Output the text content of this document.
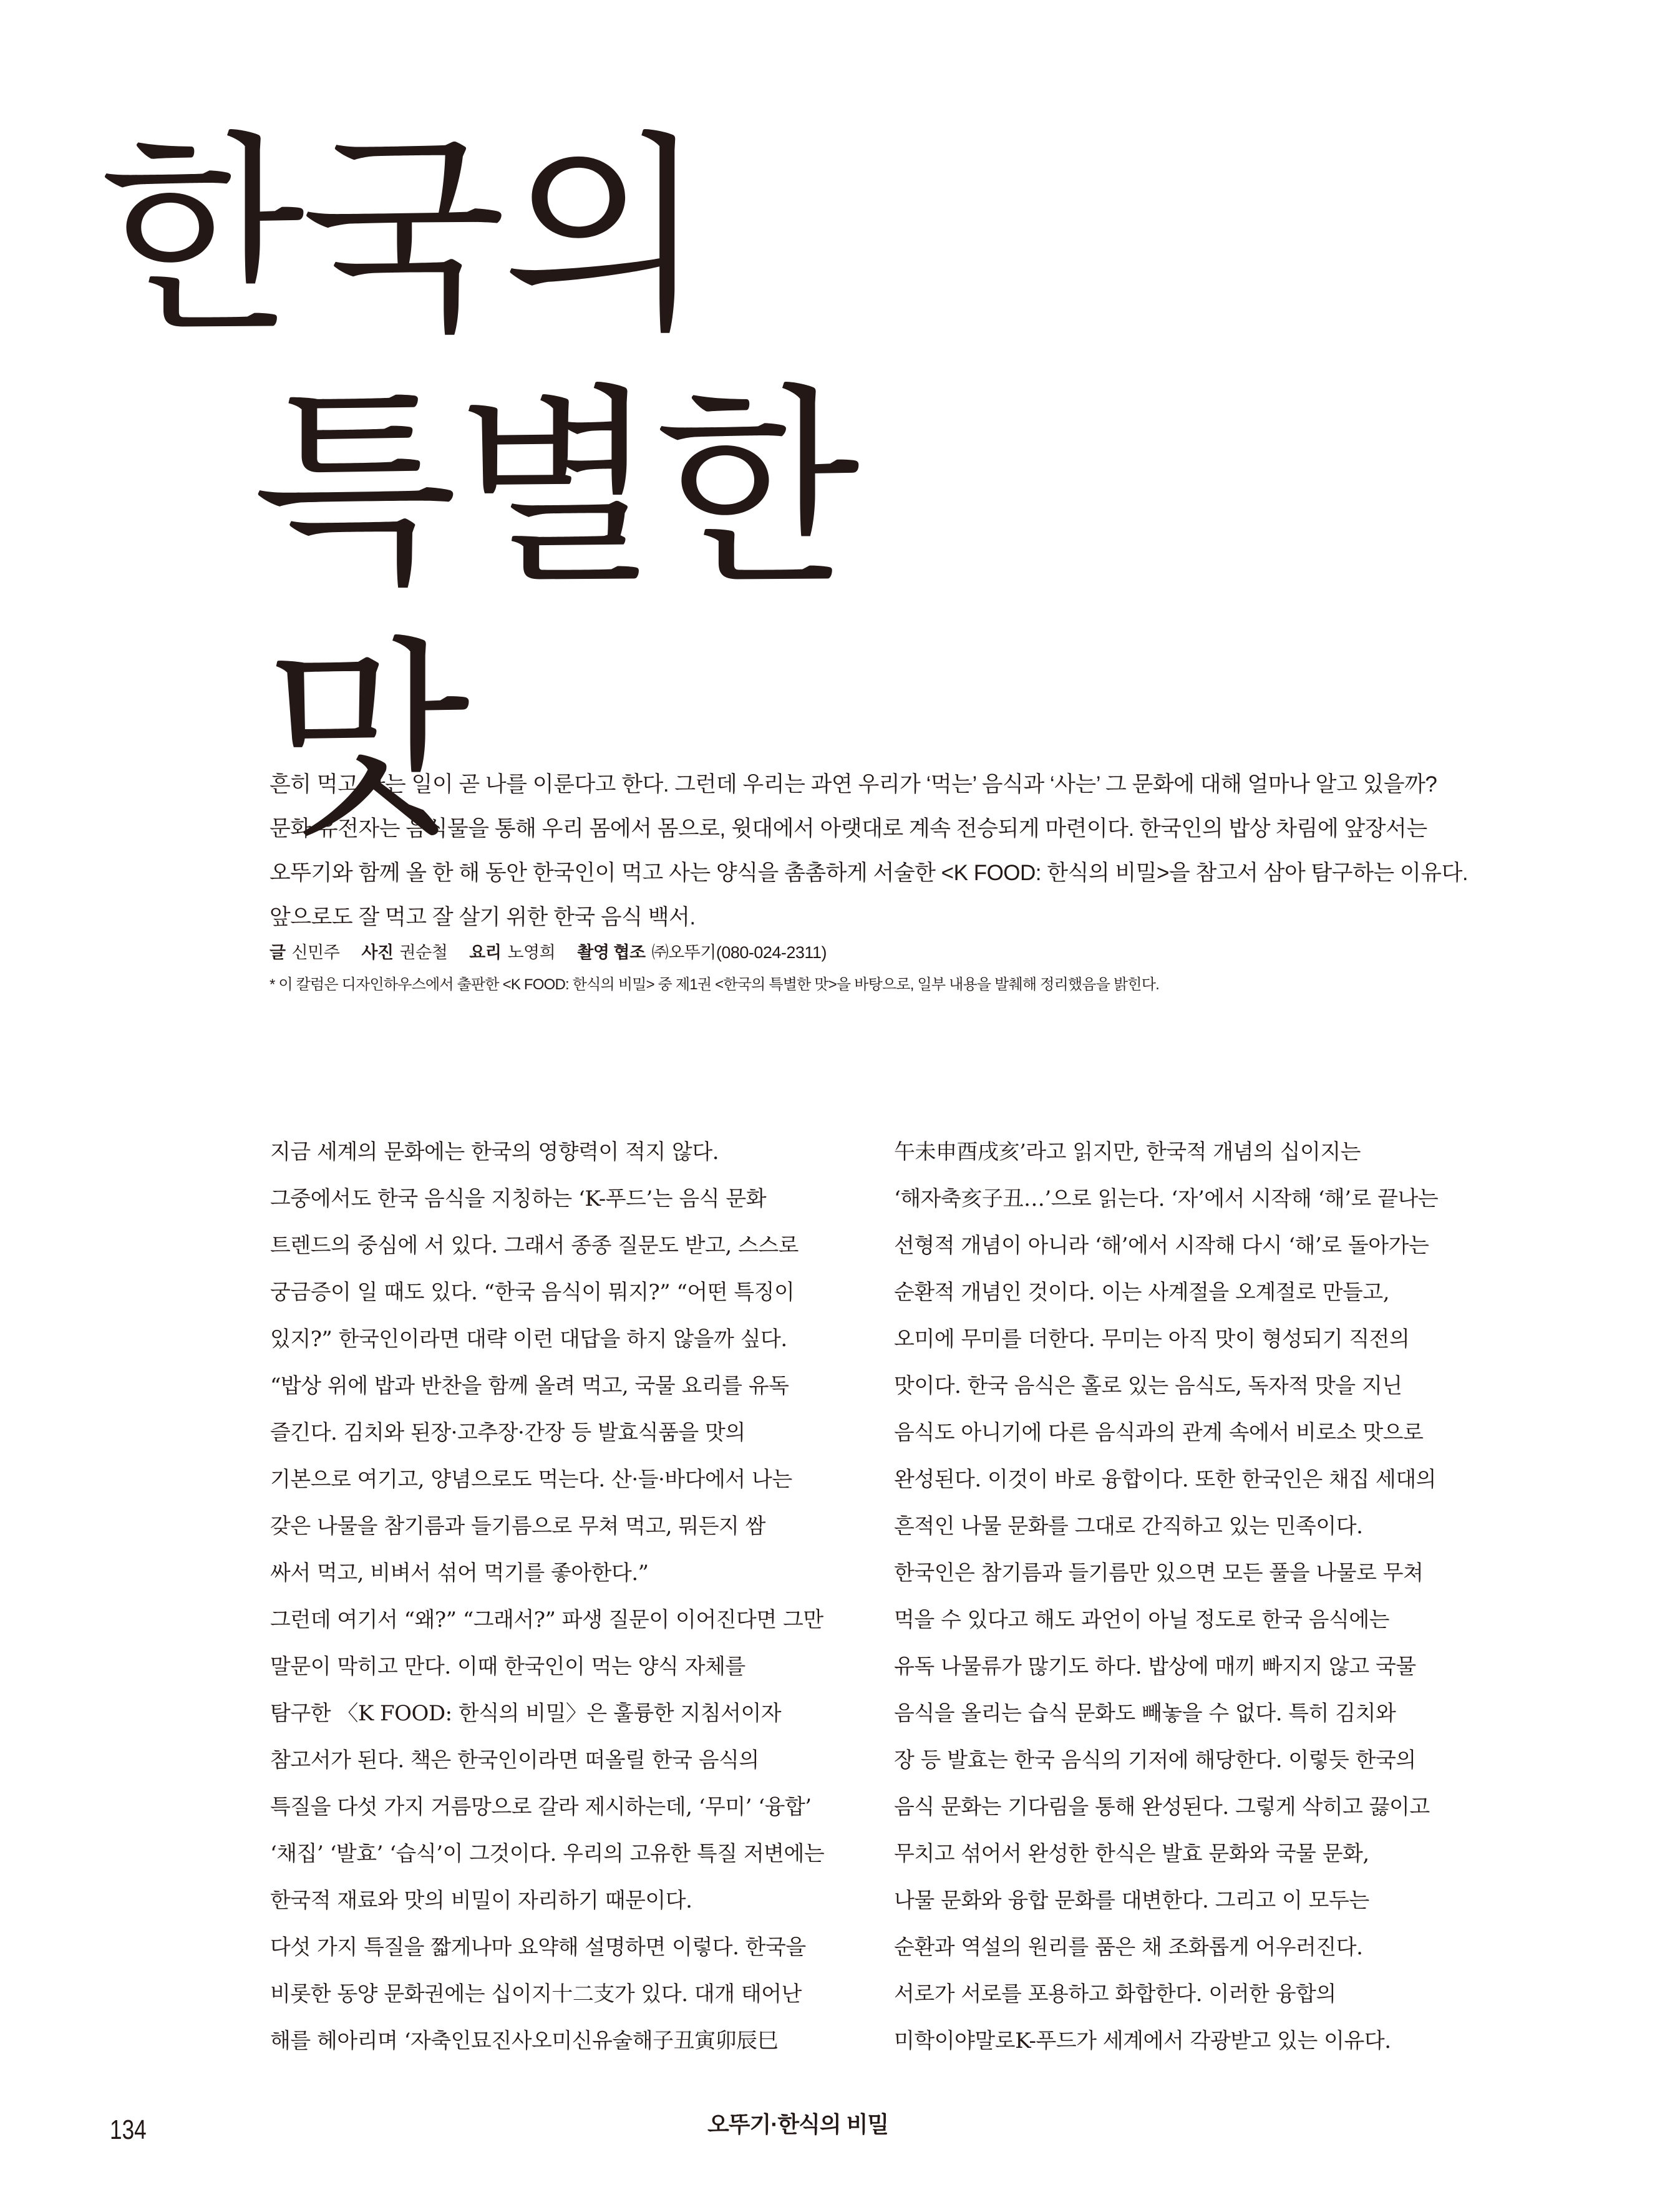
한국의
특별한
맛
흔히 먹고 사는 일이 곧 나를 이룬다고 한다. 그런데 우리는 과연 우리가 ‘먹는’ 음식과 ‘사는’ 그 문화에 대해 얼마나 알고 있을까?
문화 유전자는 음식물을 통해 우리 몸에서 몸으로, 윗대에서 아랫대로 계속 전승되게 마련이다. 한국인의 밥상 차림에 앞장서는
오뚜기와 함께 올 한 해 동안 한국인이 먹고 사는 양식을 촘촘하게 서술한 <K FOOD: 한식의 비밀>을 참고서 삼아 탐구하는 이유다.
앞으로도 잘 먹고 잘 살기 위한 한국 음식 백서.
글 신민주 사진 권순철 요리 노영희 촬영 협조 ㈜오뚜기(080-024-2311)
* 이 칼럼은 디자인하우스에서 출판한 <K FOOD: 한식의 비밀> 중 제1권 <한국의 특별한 맛>을 바탕으로, 일부 내용을 발췌해 정리했음을 밝힌다.
지금 세계의 문화에는 한국의 영향력이 적지 않다.
그중에서도 한국 음식을 지칭하는 ‘K-푸드’는 음식 문화
트렌드의 중심에 서 있다. 그래서 종종 질문도 받고, 스스로
궁금증이 일 때도 있다. “한국 음식이 뭐지?” “어떤 특징이
있지?” 한국인이라면 대략 이런 대답을 하지 않을까 싶다.
“밥상 위에 밥과 반찬을 함께 올려 먹고, 국물 요리를 유독
즐긴다. 김치와 된장·고추장·간장 등 발효식품을 맛의
기본으로 여기고, 양념으로도 먹는다. 산·들·바다에서 나는
갖은 나물을 참기름과 들기름으로 무쳐 먹고, 뭐든지 쌈
싸서 먹고, 비벼서 섞어 먹기를 좋아한다.”
그런데 여기서 “왜?” “그래서?” 파생 질문이 이어진다면 그만
말문이 막히고 만다. 이때 한국인이 먹는 양식 자체를
탐구한 〈K FOOD: 한식의 비밀〉은 훌륭한 지침서이자
참고서가 된다. 책은 한국인이라면 떠올릴 한국 음식의
특질을 다섯 가지 거름망으로 갈라 제시하는데, ‘무미’ ‘융합’
‘채집’ ‘발효’ ‘습식’이 그것이다. 우리의 고유한 특질 저변에는
한국적 재료와 맛의 비밀이 자리하기 때문이다.
다섯 가지 특질을 짧게나마 요약해 설명하면 이렇다. 한국을
비롯한 동양 문화권에는 십이지十二支가 있다. 대개 태어난
해를 헤아리며 ‘자축인묘진사오미신유술해子丑寅卯辰巳
午未申酉戌亥’라고 읽지만, 한국적 개념의 십이지는
‘해자축亥子丑…’으로 읽는다. ‘자’에서 시작해 ‘해’로 끝나는
선형적 개념이 아니라 ‘해’에서 시작해 다시 ‘해’로 돌아가는
순환적 개념인 것이다. 이는 사계절을 오계절로 만들고,
오미에 무미를 더한다. 무미는 아직 맛이 형성되기 직전의
맛이다. 한국 음식은 홀로 있는 음식도, 독자적 맛을 지닌
음식도 아니기에 다른 음식과의 관계 속에서 비로소 맛으로
완성된다. 이것이 바로 융합이다. 또한 한국인은 채집 세대의
흔적인 나물 문화를 그대로 간직하고 있는 민족이다.
한국인은 참기름과 들기름만 있으면 모든 풀을 나물로 무쳐
먹을 수 있다고 해도 과언이 아닐 정도로 한국 음식에는
유독 나물류가 많기도 하다. 밥상에 매끼 빠지지 않고 국물
음식을 올리는 습식 문화도 빼놓을 수 없다. 특히 김치와
장 등 발효는 한국 음식의 기저에 해당한다. 이렇듯 한국의
음식 문화는 기다림을 통해 완성된다. 그렇게 삭히고 끓이고
무치고 섞어서 완성한 한식은 발효 문화와 국물 문화,
나물 문화와 융합 문화를 대변한다. 그리고 이 모두는
순환과 역설의 원리를 품은 채 조화롭게 어우러진다.
서로가 서로를 포용하고 화합한다. 이러한 융합의
미학이야말로K-푸드가 세계에서 각광받고 있는 이유다.
134	오뚜기·한식의 비밀
